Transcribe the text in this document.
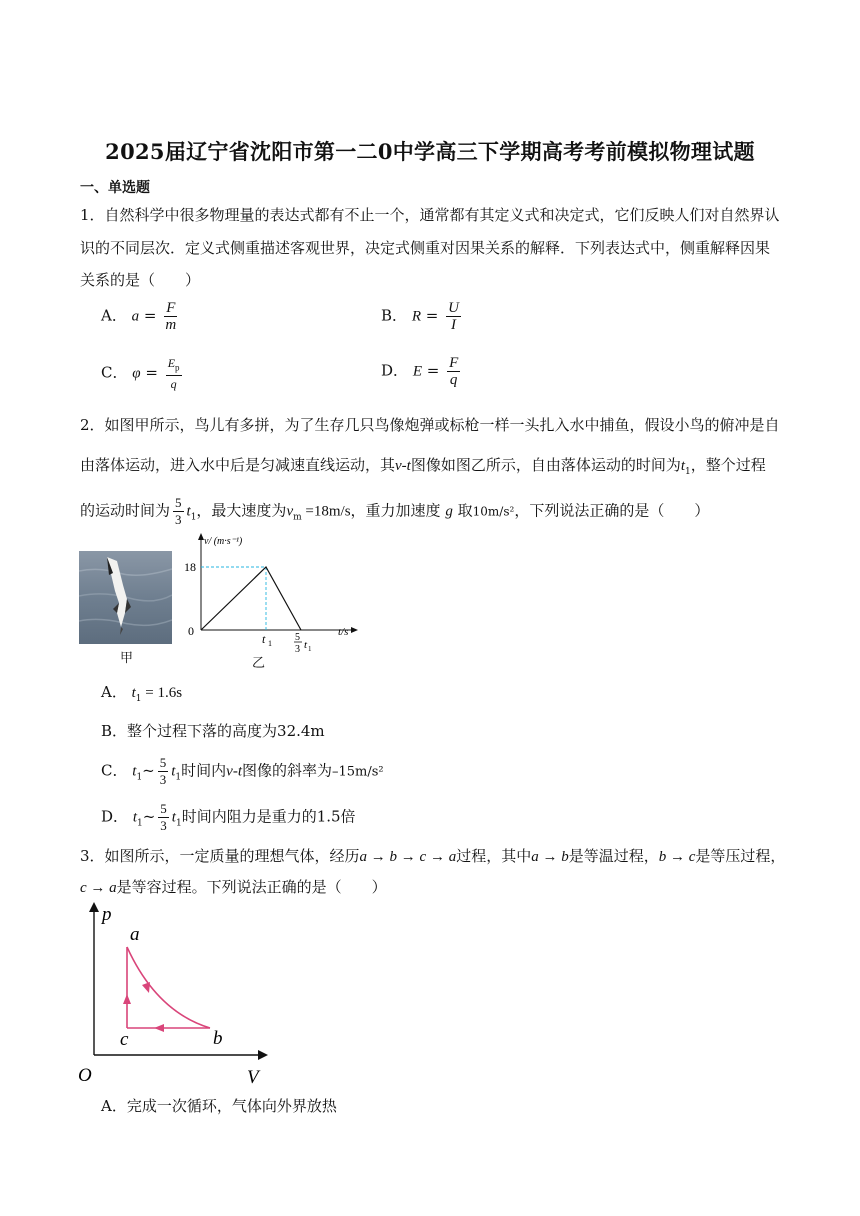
2025届辽宁省沈阳市第一二0中学高三下学期高考考前模拟物理试题
一、单选题
1．自然科学中很多物理量的表达式都有不止一个，通常都有其定义式和决定式，它们反映人们对自然界认
识的不同层次．定义式侧重描述客观世界，决定式侧重对因果关系的解释．下列表达式中，侧重解释因果
关系的是（　　）
A． $a = \frac{F}{m}$	B． $R = \frac{U}{I}$
C． $\varphi = \frac{E_p}{q}$	D． $E = \frac{F}{q}$
2．如图甲所示，鸟儿有多拼，为了生存几只鸟像炮弹或标枪一样一头扎入水中捕鱼，假设小鸟的俯冲是自
由落体运动，进入水中后是匀减速直线运动，其v-t图像如图乙所示，自由落体运动的时间为$t_1$，整个过程
的运动时间为 $\frac{5}{3} t_1$，最大速度为$v_m =18m/s$，重力加速度 g 取10m/s²，下列说法正确的是（　　）
甲
v/ (m·s⁻¹)
18
0
t 1
5
3 t 1
t/s
乙
A． $t_1 = 1.6s$
B．整个过程下落的高度为32.4m
C． $t_1\sim \frac{5}{3} t_1$时间内v-t图像的斜率为–15m/s²
D． $t_1\sim \frac{5}{3} t_1$时间内阻力是重力的1.5倍
3．如图所示，一定质量的理想气体，经历a → b → c → a过程，其中a → b是等温过程，b → c是等压过程，
c → a是等容过程。下列说法正确的是（　　）
p
V
O
a
b
c
A．完成一次循环，气体向外界放热
